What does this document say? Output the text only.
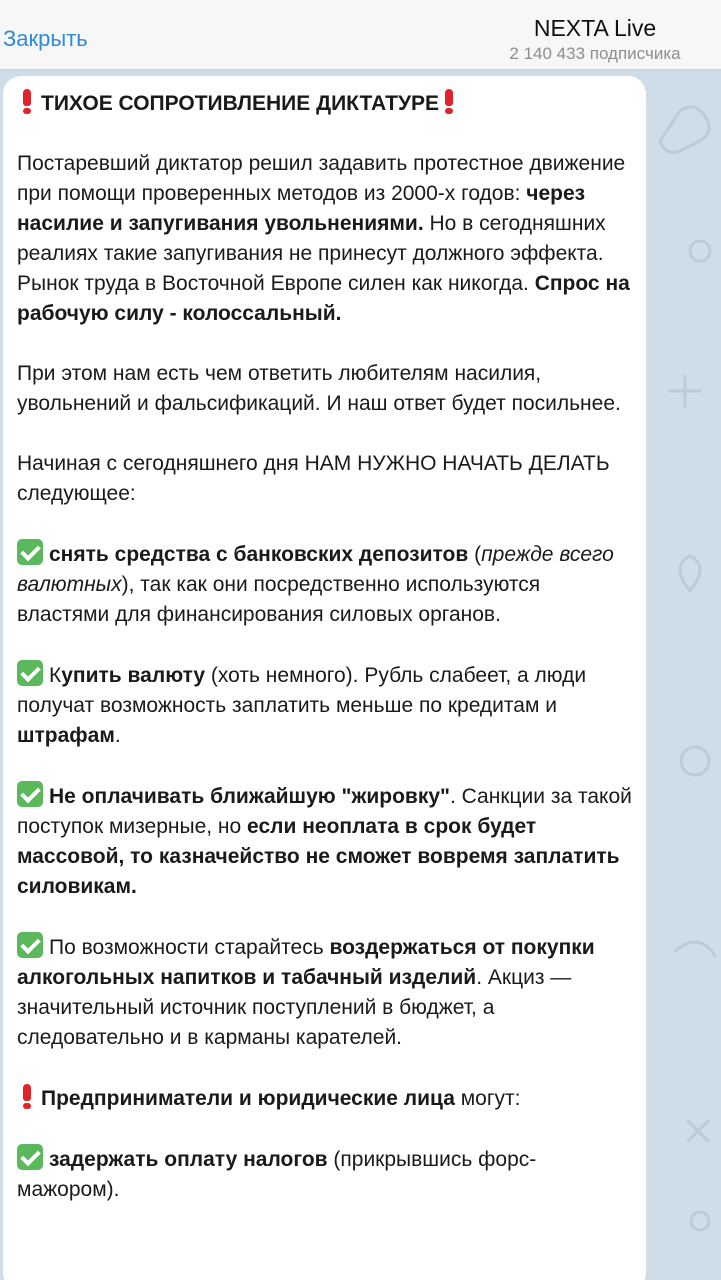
Закрыть	NEXTA Live
2 140 433 подписчика

ТИХОЕ СОПРОТИВЛЕНИЕ ДИКТАТУРЕ

Постаревший диктатор решил задавить протестное движение при помощи проверенных методов из 2000-х годов: через насилие и запугивания увольнениями. Но в сегодняшних реалиях такие запугивания не принесут должного эффекта. Рынок труда в Восточной Европе силен как никогда. Спрос на рабочую силу - колоссальный.

При этом нам есть чем ответить любителям насилия, увольнений и фальсификаций. И наш ответ будет посильнее.

Начиная с сегодняшнего дня НАМ НУЖНО НАЧАТЬ ДЕЛАТЬ следующее:

снять средства с банковских депозитов (прежде всего валютных), так как они посредственно используются властями для финансирования силовых органов.

Купить валюту (хоть немного). Рубль слабеет, а люди получат возможность заплатить меньше по кредитам и штрафам.

Не оплачивать ближайшую "жировку". Санкции за такой поступок мизерные, но если неоплата в срок будет массовой, то казначейство не сможет вовремя заплатить силовикам.

По возможности старайтесь воздержаться от покупки алкогольных напитков и табачный изделий. Акциз — значительный источник поступлений в бюджет, а следовательно и в карманы карателей.

Предприниматели и юридические лица могут:

задержать оплату налогов (прикрывшись форс-мажором).
